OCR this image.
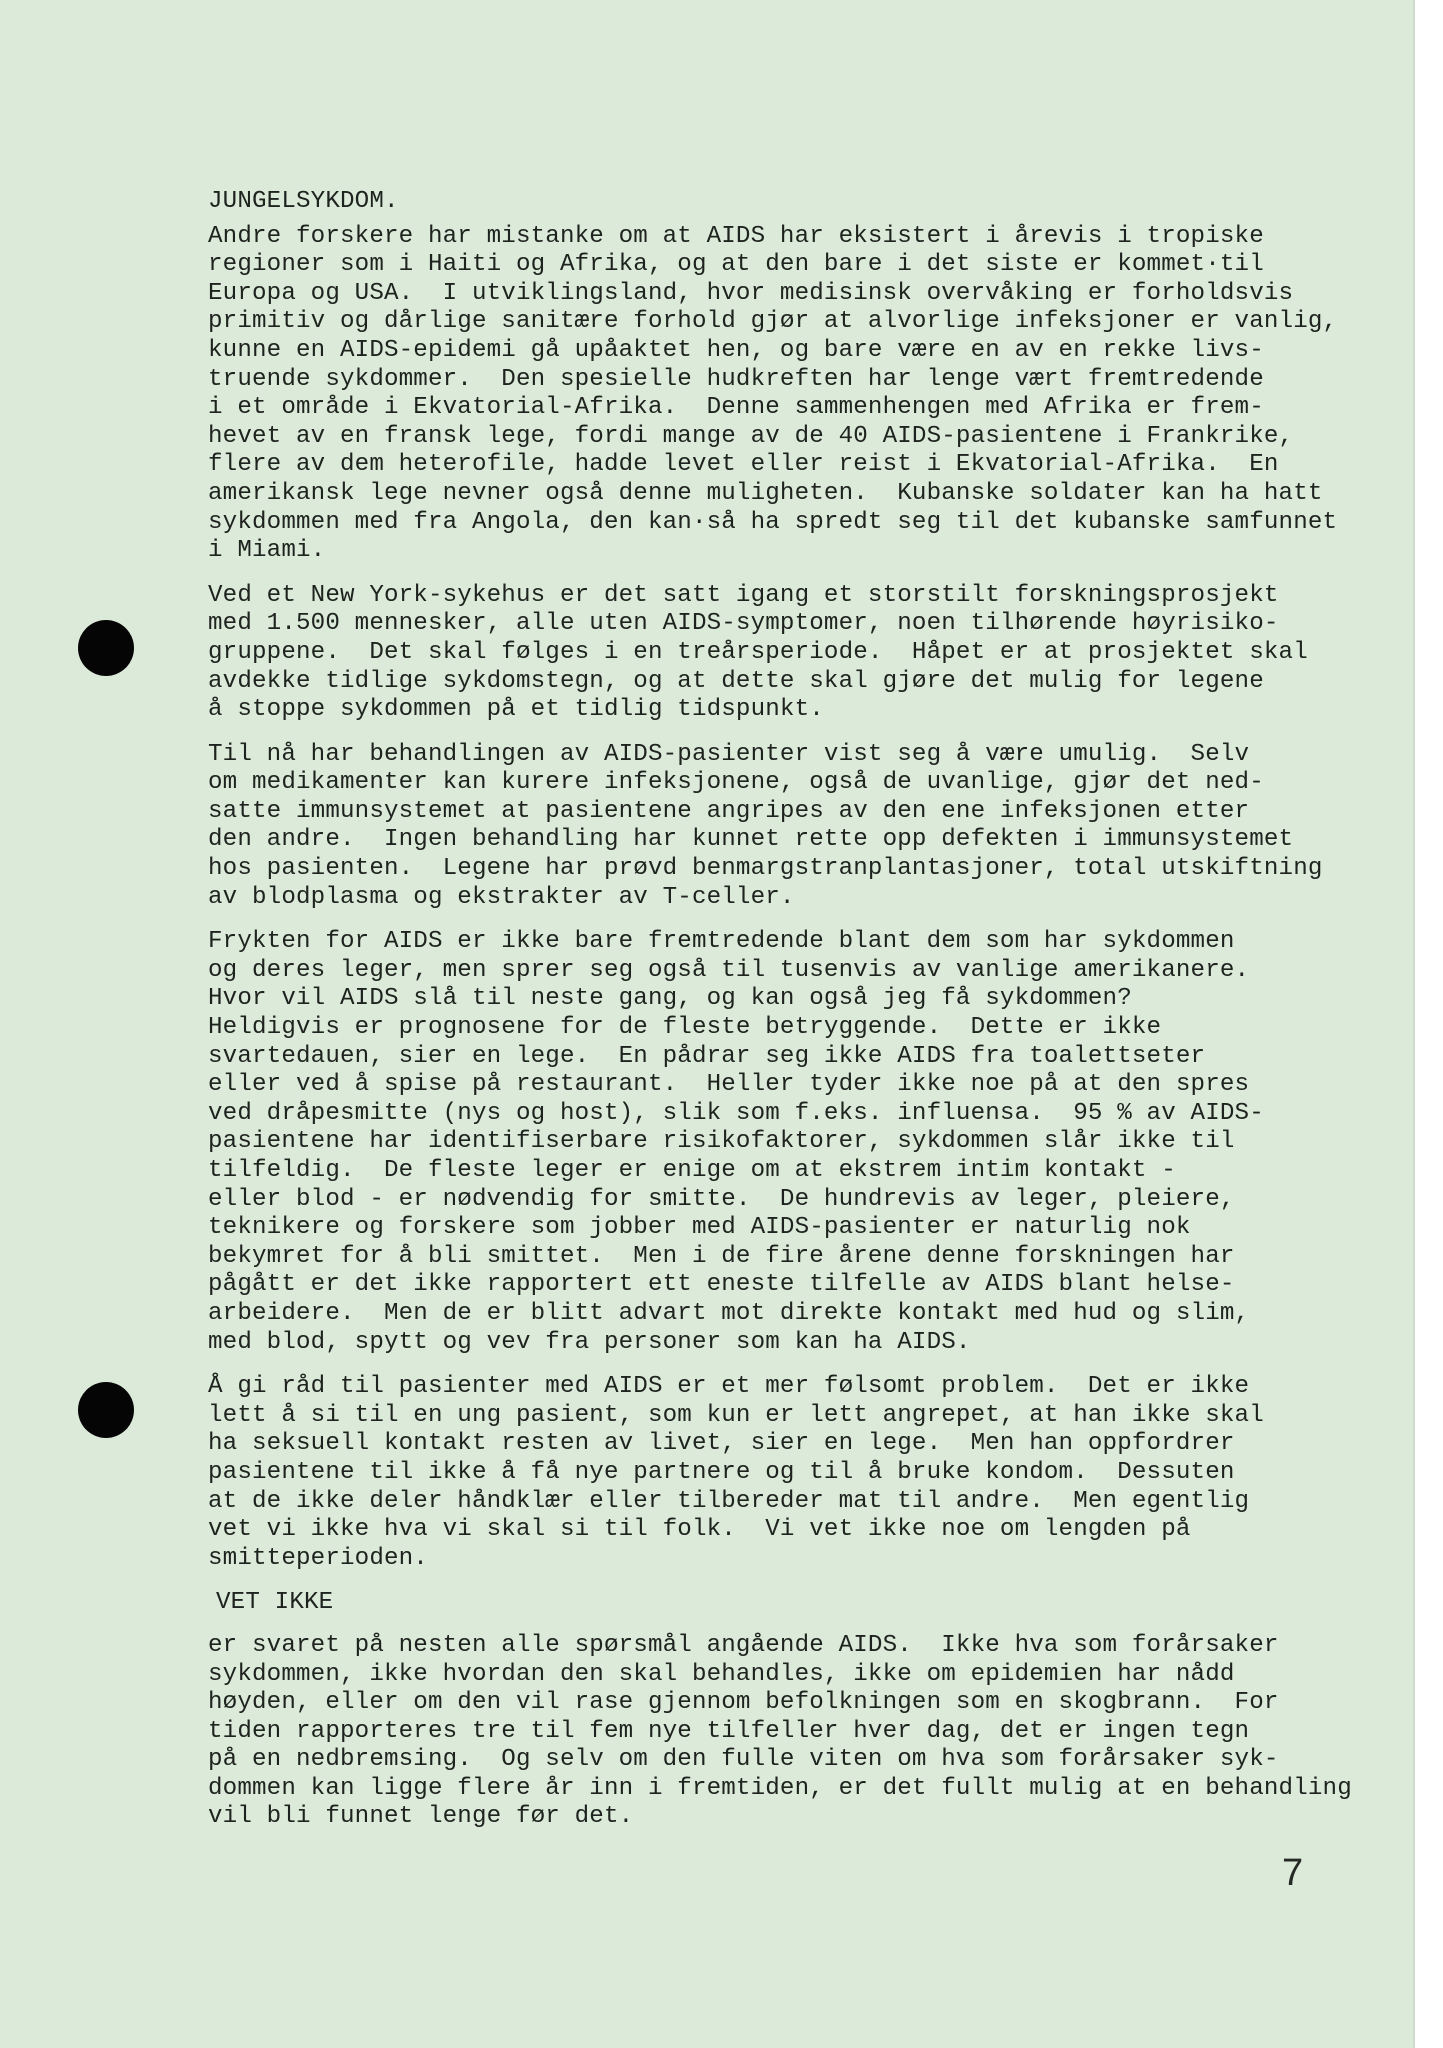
JUNGELSYKDOM.
Andre forskere har mistanke om at AIDS har eksistert i årevis i tropiske
regioner som i Haiti og Afrika, og at den bare i det siste er kommet·til
Europa og USA.  I utviklingsland, hvor medisinsk overvåking er forholdsvis
primitiv og dårlige sanitære forhold gjør at alvorlige infeksjoner er vanlig,
kunne en AIDS-epidemi gå upåaktet hen, og bare være en av en rekke livs-
truende sykdommer.  Den spesielle hudkreften har lenge vært fremtredende
i et område i Ekvatorial-Afrika.  Denne sammenhengen med Afrika er frem-
hevet av en fransk lege, fordi mange av de 40 AIDS-pasientene i Frankrike,
flere av dem heterofile, hadde levet eller reist i Ekvatorial-Afrika.  En
amerikansk lege nevner også denne muligheten.  Kubanske soldater kan ha hatt
sykdommen med fra Angola, den kan·så ha spredt seg til det kubanske samfunnet
i Miami.
Ved et New York-sykehus er det satt igang et storstilt forskningsprosjekt
med 1.500 mennesker, alle uten AIDS-symptomer, noen tilhørende høyrisiko-
gruppene.  Det skal følges i en treårsperiode.  Håpet er at prosjektet skal
avdekke tidlige sykdomstegn, og at dette skal gjøre det mulig for legene
å stoppe sykdommen på et tidlig tidspunkt.
Til nå har behandlingen av AIDS-pasienter vist seg å være umulig.  Selv
om medikamenter kan kurere infeksjonene, også de uvanlige, gjør det ned-
satte immunsystemet at pasientene angripes av den ene infeksjonen etter
den andre.  Ingen behandling har kunnet rette opp defekten i immunsystemet
hos pasienten.  Legene har prøvd benmargstranplantasjoner, total utskiftning
av blodplasma og ekstrakter av T-celler.
Frykten for AIDS er ikke bare fremtredende blant dem som har sykdommen
og deres leger, men sprer seg også til tusenvis av vanlige amerikanere.
Hvor vil AIDS slå til neste gang, og kan også jeg få sykdommen?
Heldigvis er prognosene for de fleste betryggende.  Dette er ikke
svartedauen, sier en lege.  En pådrar seg ikke AIDS fra toalettseter
eller ved å spise på restaurant.  Heller tyder ikke noe på at den spres
ved dråpesmitte (nys og host), slik som f.eks. influensa.  95 % av AIDS-
pasientene har identifiserbare risikofaktorer, sykdommen slår ikke til
tilfeldig.  De fleste leger er enige om at ekstrem intim kontakt -
eller blod - er nødvendig for smitte.  De hundrevis av leger, pleiere,
teknikere og forskere som jobber med AIDS-pasienter er naturlig nok
bekymret for å bli smittet.  Men i de fire årene denne forskningen har
pågått er det ikke rapportert ett eneste tilfelle av AIDS blant helse-
arbeidere.  Men de er blitt advart mot direkte kontakt med hud og slim,
med blod, spytt og vev fra personer som kan ha AIDS.
Å gi råd til pasienter med AIDS er et mer følsomt problem.  Det er ikke
lett å si til en ung pasient, som kun er lett angrepet, at han ikke skal
ha seksuell kontakt resten av livet, sier en lege.  Men han oppfordrer
pasientene til ikke å få nye partnere og til å bruke kondom.  Dessuten
at de ikke deler håndklær eller tilbereder mat til andre.  Men egentlig
vet vi ikke hva vi skal si til folk.  Vi vet ikke noe om lengden på
smitteperioden.
VET IKKE
er svaret på nesten alle spørsmål angående AIDS.  Ikke hva som forårsaker
sykdommen, ikke hvordan den skal behandles, ikke om epidemien har nådd
høyden, eller om den vil rase gjennom befolkningen som en skogbrann.  For
tiden rapporteres tre til fem nye tilfeller hver dag, det er ingen tegn
på en nedbremsing.  Og selv om den fulle viten om hva som forårsaker syk-
dommen kan ligge flere år inn i fremtiden, er det fullt mulig at en behandling
vil bli funnet lenge før det.
7
